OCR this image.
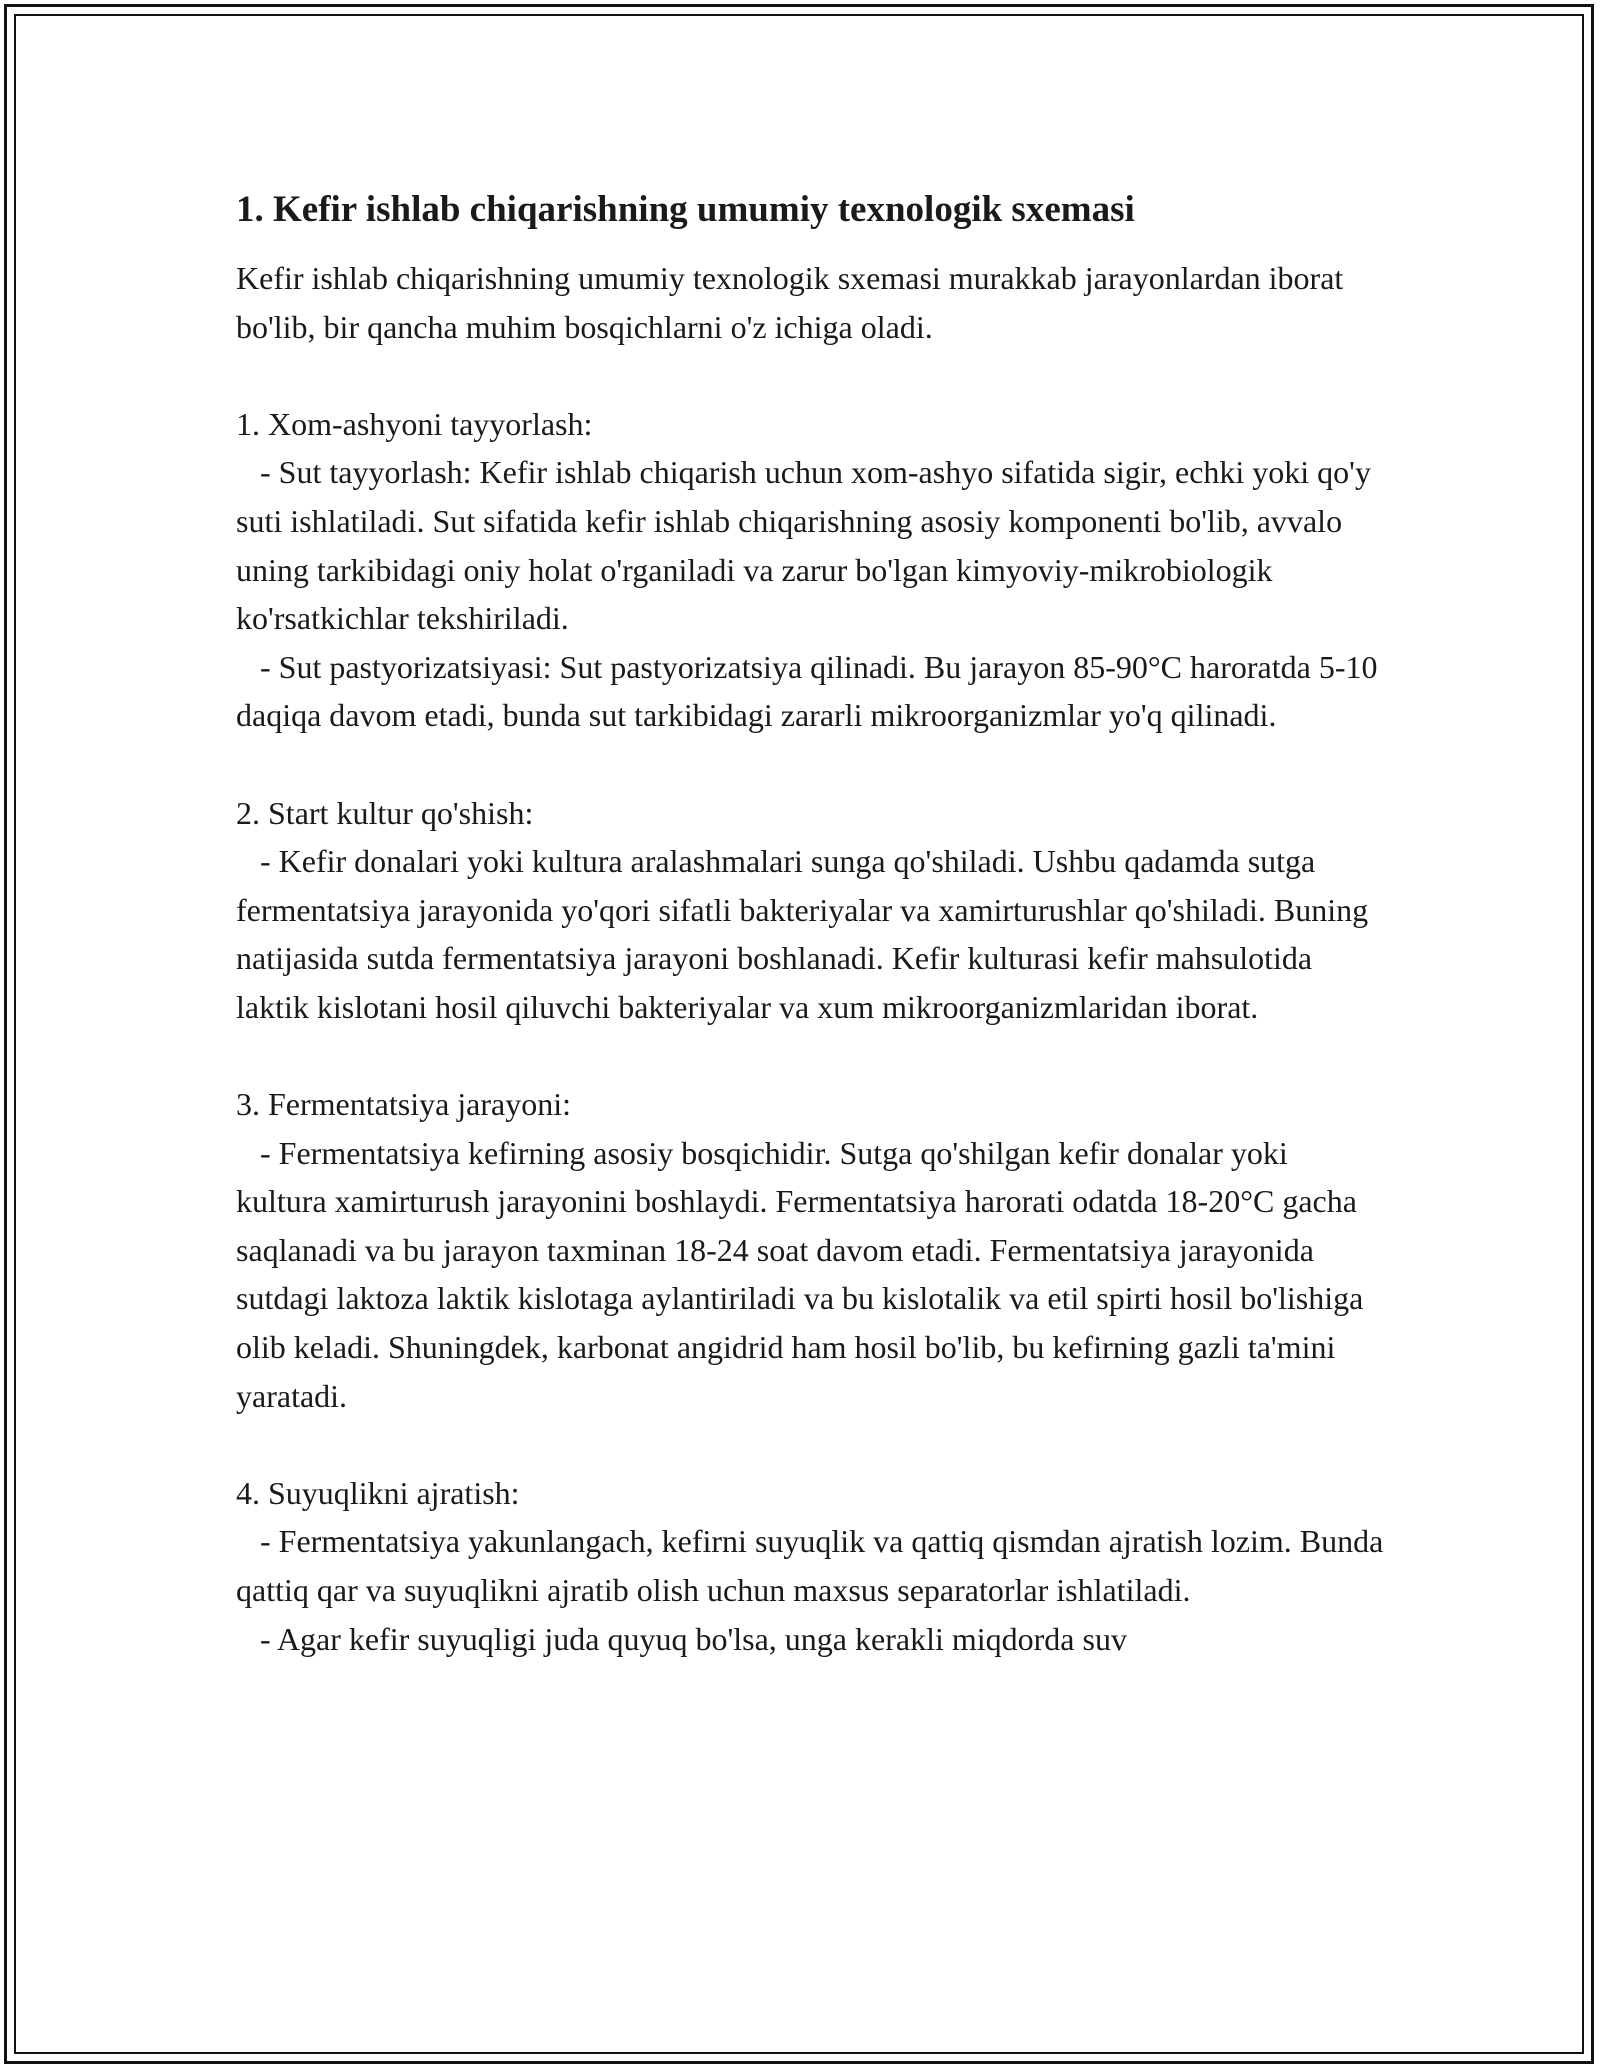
1. Kefir ishlab chiqarishning umumiy texnologik sxemasi

Kefir ishlab chiqarishning umumiy texnologik sxemasi murakkab jarayonlardan iborat bo'lib, bir qancha muhim bosqichlarni o'z ichiga oladi.

1. Xom-ashyoni tayyorlash:

- Sut tayyorlash: Kefir ishlab chiqarish uchun xom-ashyo sifatida sigir, echki yoki qo'y suti ishlatiladi. Sut sifatida kefir ishlab chiqarishning asosiy komponenti bo'lib, avvalo uning tarkibidagi oniy holat o'rganiladi va zarur bo'lgan kimyoviy-mikrobiologik ko'rsatkichlar tekshiriladi.

- Sut pastyorizatsiyasi: Sut pastyorizatsiya qilinadi. Bu jarayon 85-90°C haroratda 5-10 daqiqa davom etadi, bunda sut tarkibidagi zararli mikroorganizmlar yo'q qilinadi.

2. Start kultur qo'shish:

- Kefir donalari yoki kultura aralashmalari sunga qo'shiladi. Ushbu qadamda sutga fermentatsiya jarayonida yo'qori sifatli bakteriyalar va xamirturushlar qo'shiladi. Buning natijasida sutda fermentatsiya jarayoni boshlanadi. Kefir kulturasi kefir mahsulotida laktik kislotani hosil qiluvchi bakteriyalar va xum mikroorganizmlaridan iborat.

3. Fermentatsiya jarayoni:

- Fermentatsiya kefirning asosiy bosqichidir. Sutga qo'shilgan kefir donalar yoki kultura xamirturush jarayonini boshlaydi. Fermentatsiya harorati odatda 18-20°C gacha saqlanadi va bu jarayon taxminan 18-24 soat davom etadi. Fermentatsiya jarayonida sutdagi laktoza laktik kislotaga aylantiriladi va bu kislotalik va etil spirti hosil bo'lishiga olib keladi. Shuningdek, karbonat angidrid ham hosil bo'lib, bu kefirning gazli ta'mini yaratadi.

4. Suyuqlikni ajratish:

- Fermentatsiya yakunlangach, kefirni suyuqlik va qattiq qismdan ajratish lozim. Bunda qattiq qar va suyuqlikni ajratib olish uchun maxsus separatorlar ishlatiladi.

- Agar kefir suyuqligi juda quyuq bo'lsa, unga kerakli miqdorda suv
